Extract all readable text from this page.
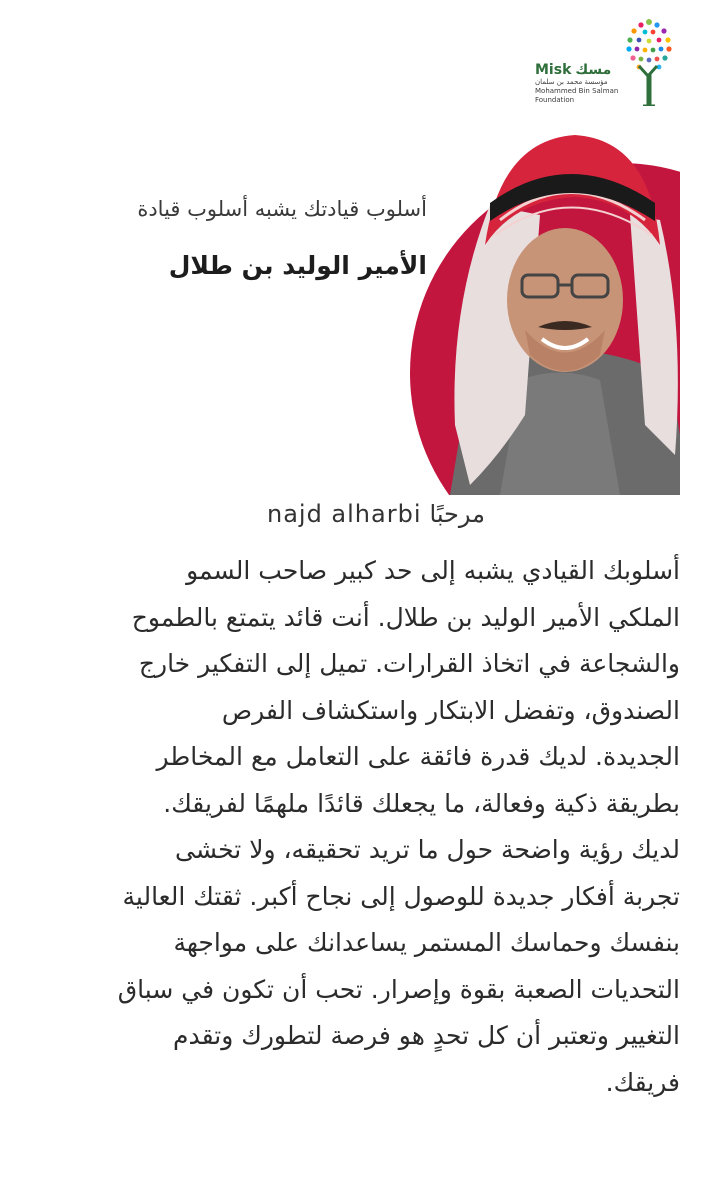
Misk مسك
مؤسسة محمد بن سلمان
Mohammed Bin Salman
Foundation
أسلوب قيادتك يشبه أسلوب قيادة
الأمير الوليد بن طلال
مرحبًاnajd alharbi
أسلوبك القيادي يشبه إلى حد كبير صاحب السمو
الملكي الأمير الوليد بن طلال. أنت قائد يتمتع بالطموح
والشجاعة في اتخاذ القرارات. تميل إلى التفكير خارج
الصندوق، وتفضل الابتكار واستكشاف الفرص
الجديدة. لديك قدرة فائقة على التعامل مع المخاطر
بطريقة ذكية وفعالة، ما يجعلك قائدًا ملهمًا لفريقك.
لديك رؤية واضحة حول ما تريد تحقيقه، ولا تخشى
تجربة أفكار جديدة للوصول إلى نجاح أكبر. ثقتك العالية
بنفسك وحماسك المستمر يساعدانك على مواجهة
التحديات الصعبة بقوة وإصرار. تحب أن تكون في سباق
التغيير وتعتبر أن كل تحدٍ هو فرصة لتطورك وتقدم
فريقك.
